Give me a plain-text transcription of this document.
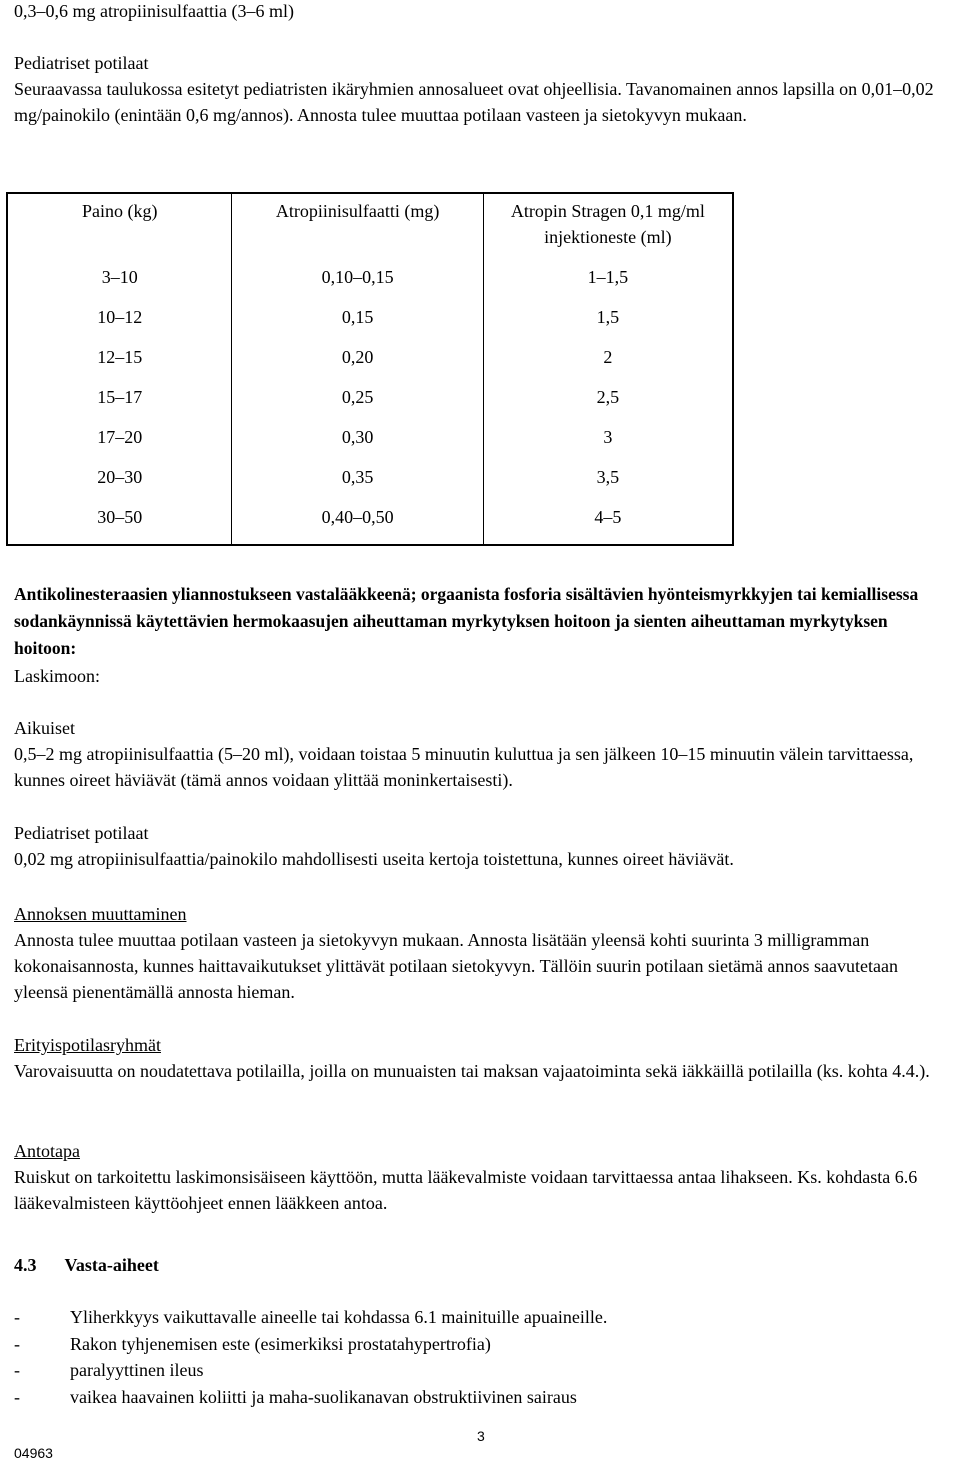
0,3–0,6 mg atropiinisulfaattia (3–6 ml)
Pediatriset potilaat
Seuraavassa taulukossa esitetyt pediatristen ikäryhmien annosalueet ovat ohjeellisia. Tavanomainen annos lapsilla on 0,01–0,02 mg/painokilo (enintään 0,6 mg/annos). Annosta tulee muuttaa potilaan vasteen ja sietokyvyn mukaan.
Paino (kg)	Atropiinisulfaatti (mg)	Atropin Stragen 0,1 mg/ml injektioneste (ml)

3–10	0,10–0,15	1–1,5
10–12	0,15	1,5
12–15	0,20	2
15–17	0,25	2,5
17–20	0,30	3
20–30	0,35	3,5
30–50	0,40–0,50	4–5
Antikolinesteraasien yliannostukseen vastalääkkeenä; orgaanista fosforia sisältävien hyönteismyrkkyjen tai kemiallisessa sodankäynnissä käytettävien hermokaasujen aiheuttaman myrkytyksen hoitoon ja sienten aiheuttaman myrkytyksen hoitoon:
Laskimoon:
Aikuiset
0,5–2 mg atropiinisulfaattia (5–20 ml), voidaan toistaa 5 minuutin kuluttua ja sen jälkeen 10–15 minuutin välein tarvittaessa, kunnes oireet häviävät (tämä annos voidaan ylittää moninkertaisesti).
Pediatriset potilaat
0,02 mg atropiinisulfaattia/painokilo mahdollisesti useita kertoja toistettuna, kunnes oireet häviävät.
Annoksen muuttaminen
Annosta tulee muuttaa potilaan vasteen ja sietokyvyn mukaan. Annosta lisätään yleensä kohti suurinta 3 milligramman kokonaisannosta, kunnes haittavaikutukset ylittävät potilaan sietokyvyn. Tällöin suurin potilaan sietämä annos saavutetaan yleensä pienentämällä annosta hieman.
Erityispotilasryhmät
Varovaisuutta on noudatettava potilailla, joilla on munuaisten tai maksan vajaatoiminta sekä iäkkäillä potilailla (ks. kohta 4.4.).
Antotapa
Ruiskut on tarkoitettu laskimonsisäiseen käyttöön, mutta lääkevalmiste voidaan tarvittaessa antaa lihakseen. Ks. kohdasta 6.6 lääkevalmisteen käyttöohjeet ennen lääkkeen antoa.
4.3 Vasta-aiheet
-	Yliherkkyys vaikuttavalle aineelle tai kohdassa 6.1 mainituille apuaineille.
-	Rakon tyhjenemisen este (esimerkiksi prostatahypertrofia)
-	paralyyttinen ileus
-	vaikea haavainen koliitti ja maha-suolikanavan obstruktiivinen sairaus
3
04963
